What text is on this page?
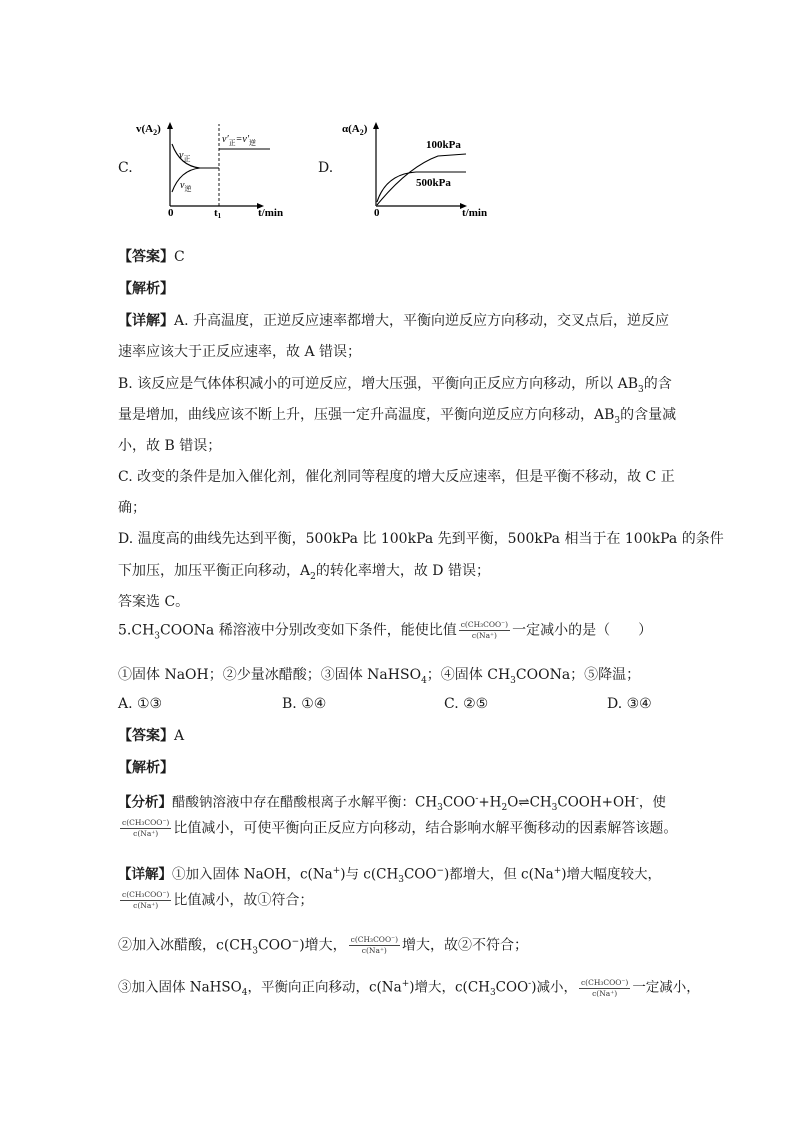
C.
$v(A_2)$
$v_正$
$v_逆$
$v'_正=v'_逆$
0	t1	t/min
D.
$\alpha(A_2)$
100kPa
500kPa
0	t/min
【答案】C
【解析】
【详解】A. 升高温度，正逆反应速率都增大，平衡向逆反应方向移动，交叉点后，逆反应
速率应该大于正反应速率，故 A 错误；
B. 该反应是气体体积减小的可逆反应，增大压强，平衡向正反应方向移动，所以 $AB_3$的含
量是增加，曲线应该不断上升，压强一定升高温度，平衡向逆反应方向移动，$AB_3$的含量减
小，故 B 错误；
C. 改变的条件是加入催化剂，催化剂同等程度的增大反应速率，但是平衡不移动，故 C 正
确；
D. 温度高的曲线先达到平衡，500kPa 比 100kPa 先到平衡，500kPa 相当于在 100kPa 的条件
下加压，加压平衡正向移动，$A_2$的转化率增大，故 D 错误；
答案选 C。
$5.CH_3COONa$ 稀溶液中分别改变如下条件，能使比值 $\frac{\text{c(CH₃COO⁻)}}{c(Na^+)}$ 一定减小的是（　　）
①固体 NaOH；②少量冰醋酸；③固体 NaHSO$_4$；④固体 $CH_3COONa$；⑤降温；
A. ①③	B. ①④	C. ②⑤	D. ③④
【答案】A
【解析】
【分析】醋酸钠溶液中存在醋酸根离子水解平衡：$CH_3COO^-+H_2O\rightleftharpoons CH_3COOH+OH^-$，使
$\frac{\text{c(CH₃COO⁻)}}{c(Na^+)}$ 比值减小，可使平衡向正反应方向移动，结合影响水解平衡移动的因素解答该题。
【详解】①加入固体 NaOH，c(Na+)与 $c(CH_3COO^-)$都增大，但 c(Na+)增大幅度较大，
$\frac{\text{c(CH₃COO⁻)}}{c(Na^+)}$ 比值减小，故①符合；
②加入冰醋酸，$c(CH_3COO^-)$增大， $\frac{\text{c(CH₃COO⁻)}}{c(Na^+)}$ 增大，故②不符合；
③加入固体 NaHSO$_4$，平衡向正向移动，c(Na+)增大，$c(CH_3COO^-)$减小， $\frac{\text{c(CH₃COO⁻)}}{c(Na^+)}$ 一定减小，
